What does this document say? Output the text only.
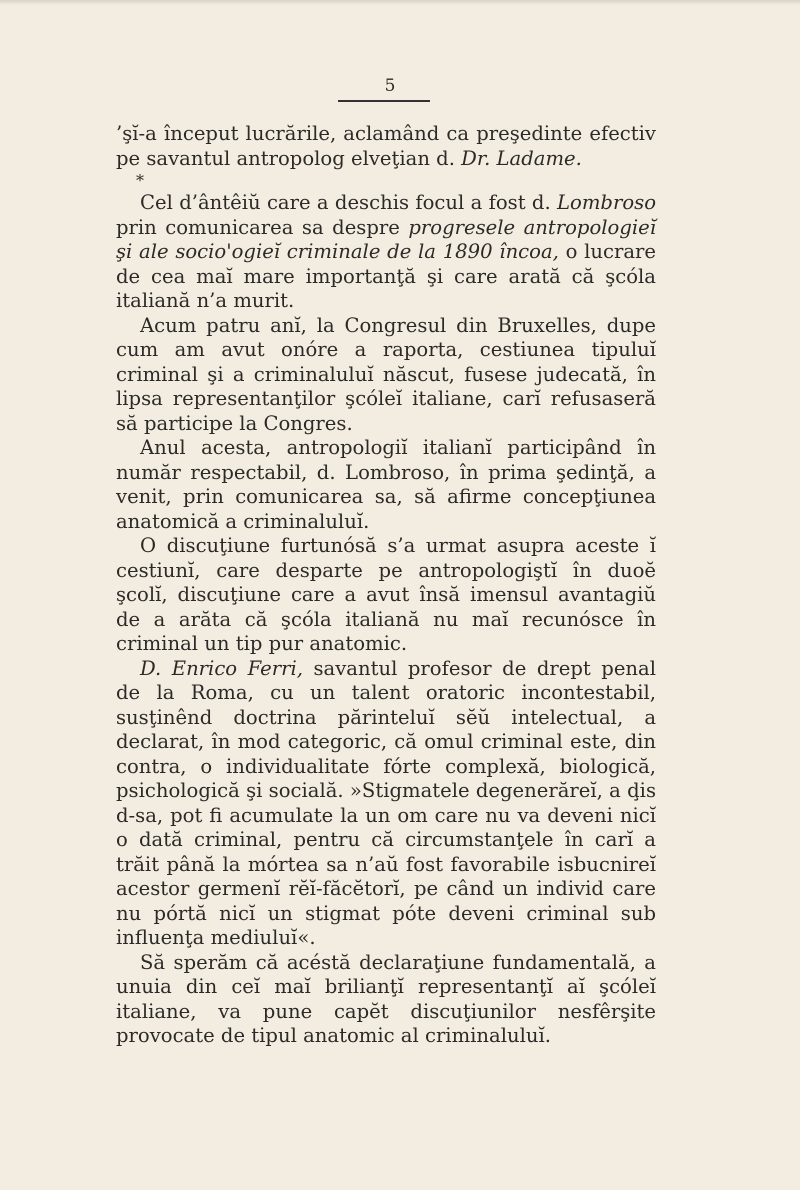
5

’şĭ-a început lucrările, aclamând ca preşedinte efectiv pe savantul antropolog elveţian d. Dr. Ladame.

*

Cel d’ântêiŭ care a deschis focul a fost d. Lombroso prin comunicarea sa despre progresele antropologieĭ şi ale socio'ogieĭ criminale de la 1890 încoa, o lucrare de cea maĭ mare importanţă şi care arată că şcóla italiană n’a murit.

Acum patru anĭ, la Congresul din Bruxelles, dupe cum am avut onóre a raporta, cestiunea tipuluĭ criminal şi a criminaluluĭ născut, fusese judecată, în lipsa representanţilor şcóleĭ italiane, carĭ refusaseră să participe la Congres.

Anul acesta, antropologiĭ italianĭ participând în număr respectabil, d. Lombroso, în prima şedinţă, a venit, prin comunicarea sa, să afirme concepţiunea anatomică a criminaluluĭ.

O discuţiune furtunósă s’a urmat asupra aceste ĭ cestiunĭ, care desparte pe antropologiştĭ în duoĕ şcolĭ, discuţiune care a avut însă imensul avantagiŭ de a arăta că şcóla italiană nu maĭ recunósce în criminal un tip pur anatomic.

D. Enrico Ferri, savantul profesor de drept penal de la Roma, cu un talent oratoric incontestabil, susţinênd doctrina părinteluĭ sĕŭ intelectual, a declarat, în mod categoric, că omul criminal este, din contra, o individualitate fórte complexă, biologică, psichologică şi socială. »Stigmatele degenerăreĭ, a ḑis d-sa, pot fi acumulate la un om care nu va deveni nicĭ o dată criminal, pentru că circumstanţele în carĭ a trăit până la mórtea sa n’aŭ fost favorabile isbucnireĭ acestor germenĭ rĕĭ-făcĕtorĭ, pe când un individ care nu pórtă nicĭ un stigmat póte deveni criminal sub influenţa mediuluĭ«.

Să sperăm că acéstă declaraţiune fundamentală, a unuia din ceĭ maĭ brilianţĭ representanţĭ aĭ şcóleĭ italiane, va pune capĕt discuţiunilor nesfêrşite provocate de tipul anatomic al criminaluluĭ.
